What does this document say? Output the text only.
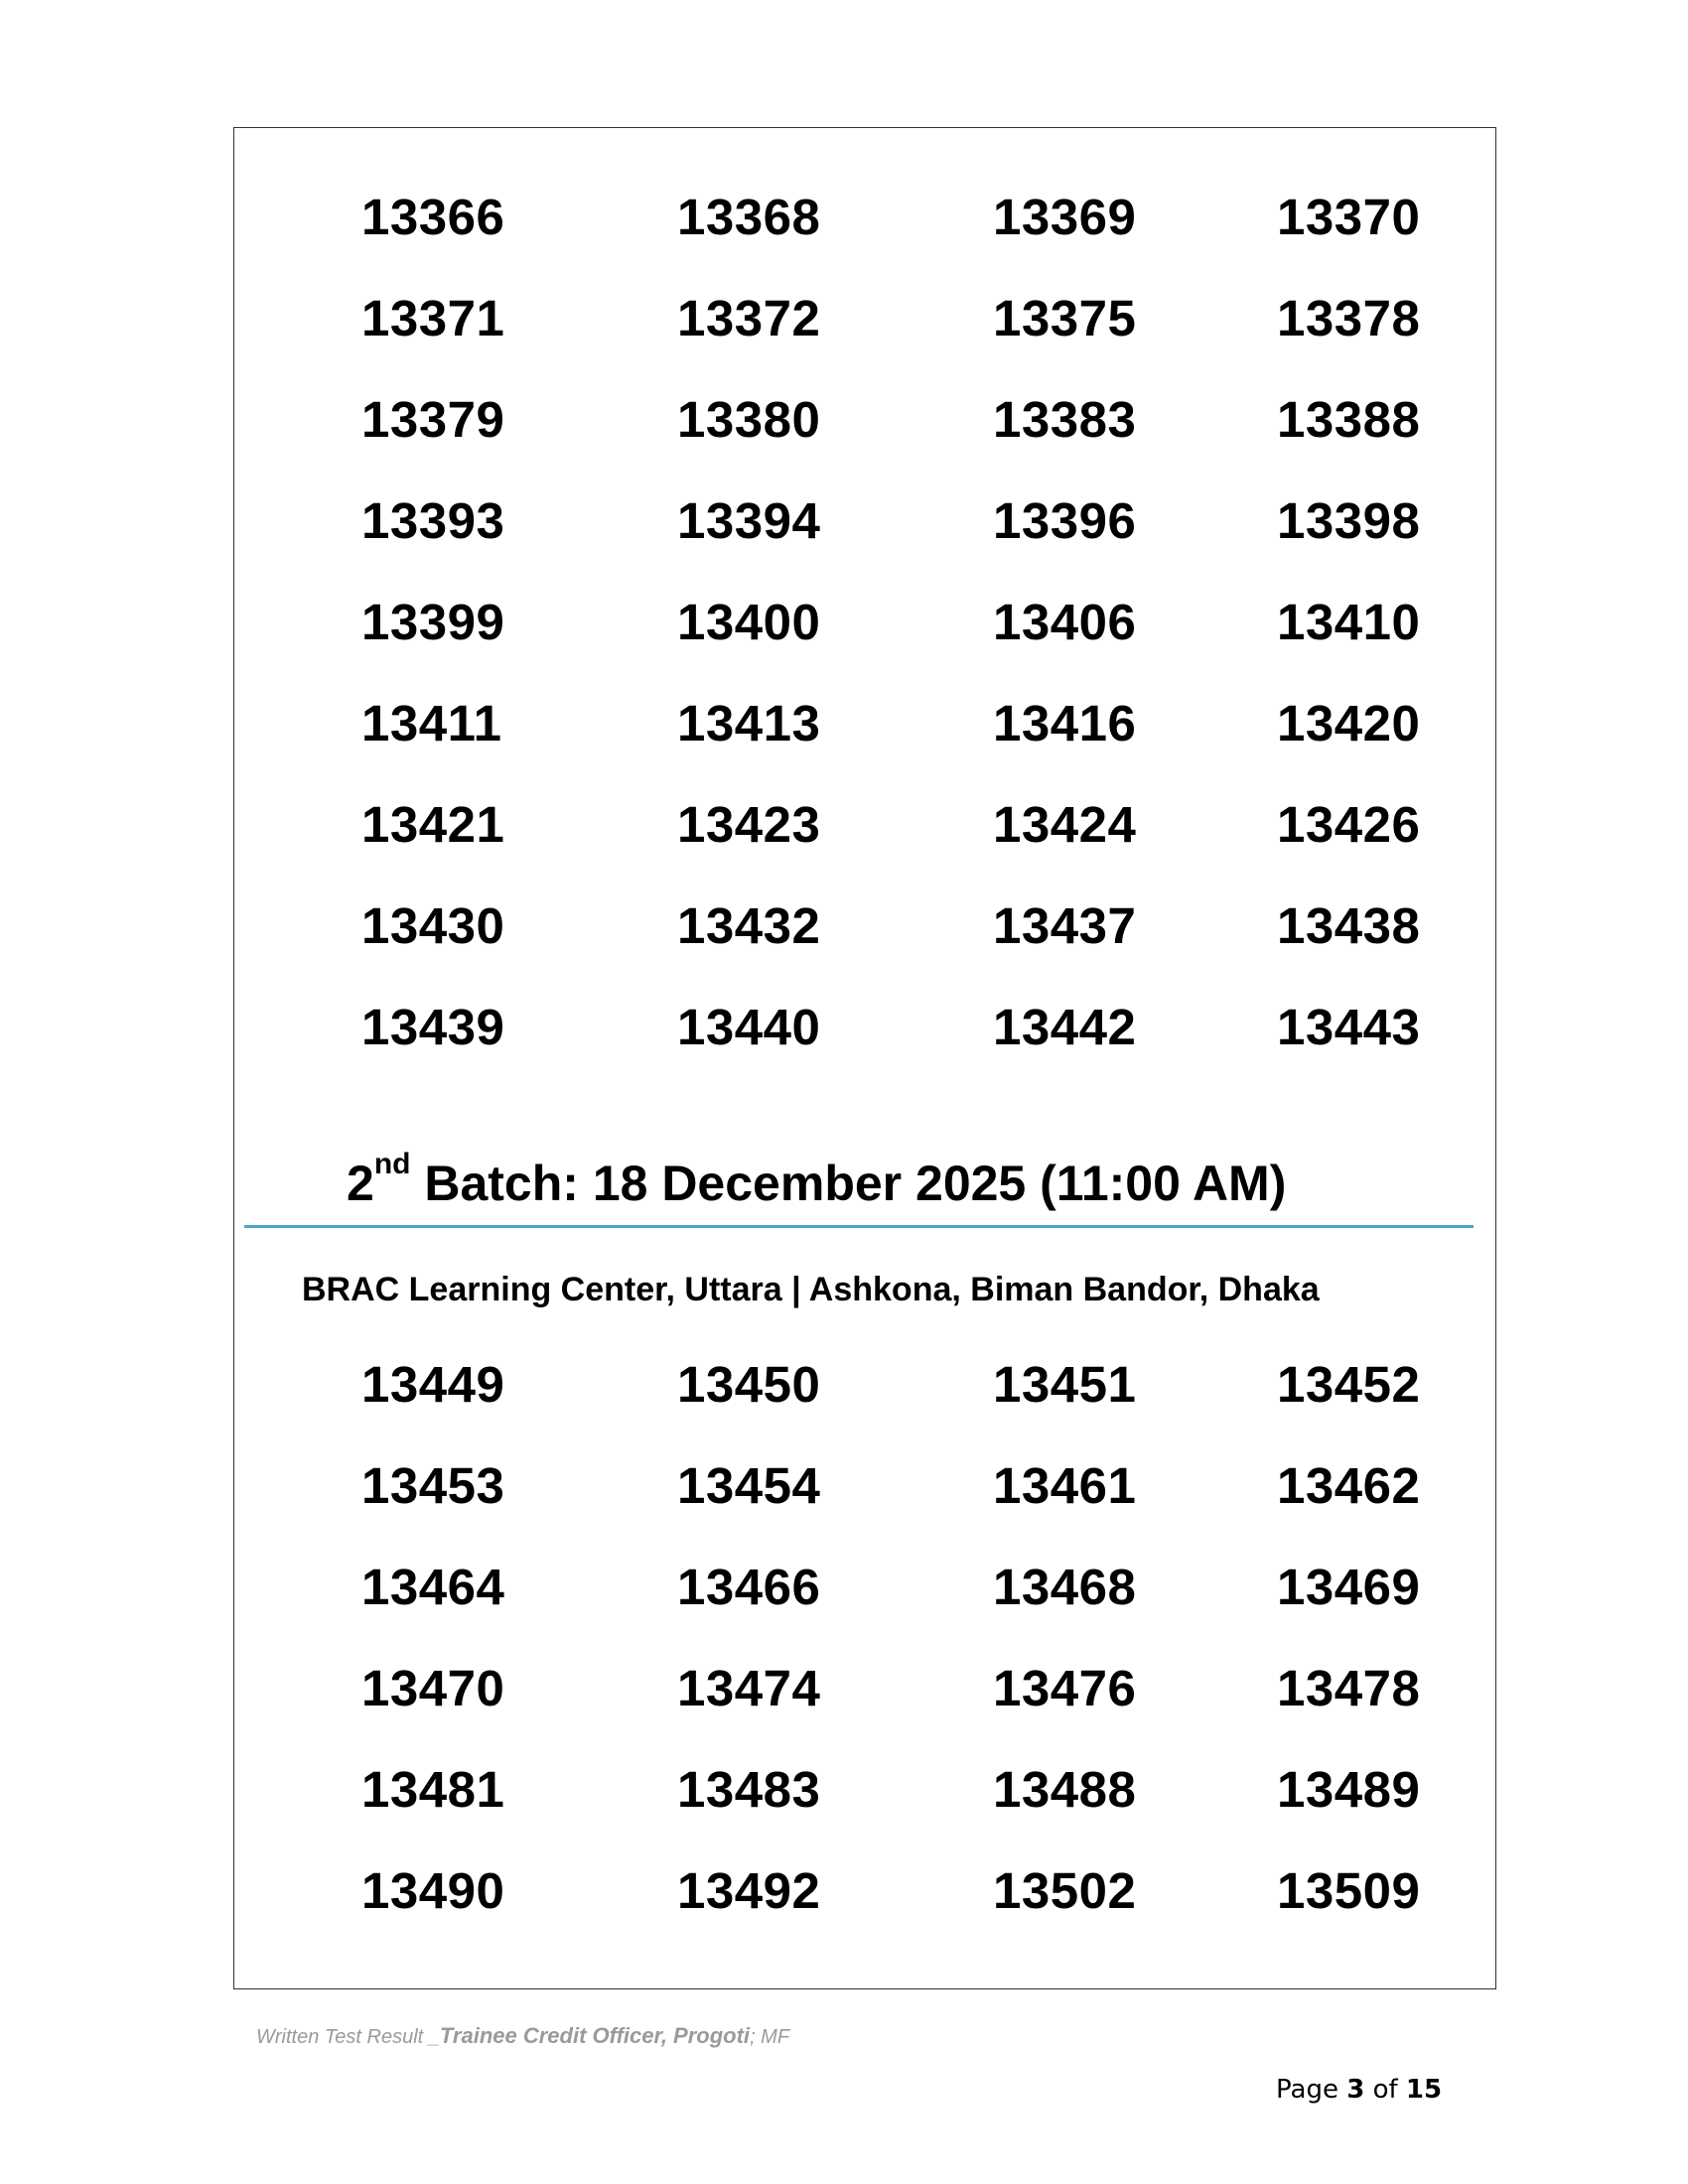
13366	13368	13369	13370
13371	13372	13375	13378
13379	13380	13383	13388
13393	13394	13396	13398
13399	13400	13406	13410
13411	13413	13416	13420
13421	13423	13424	13426
13430	13432	13437	13438
13439	13440	13442	13443
2nd Batch: 18 December 2025 (11:00 AM)
BRAC Learning Center, Uttara | Ashkona, Biman Bandor, Dhaka
13449	13450	13451	13452
13453	13454	13461	13462
13464	13466	13468	13469
13470	13474	13476	13478
13481	13483	13488	13489
13490	13492	13502	13509
Written Test Result _Trainee Credit Officer, Progoti; MF
Page 3 of 15
